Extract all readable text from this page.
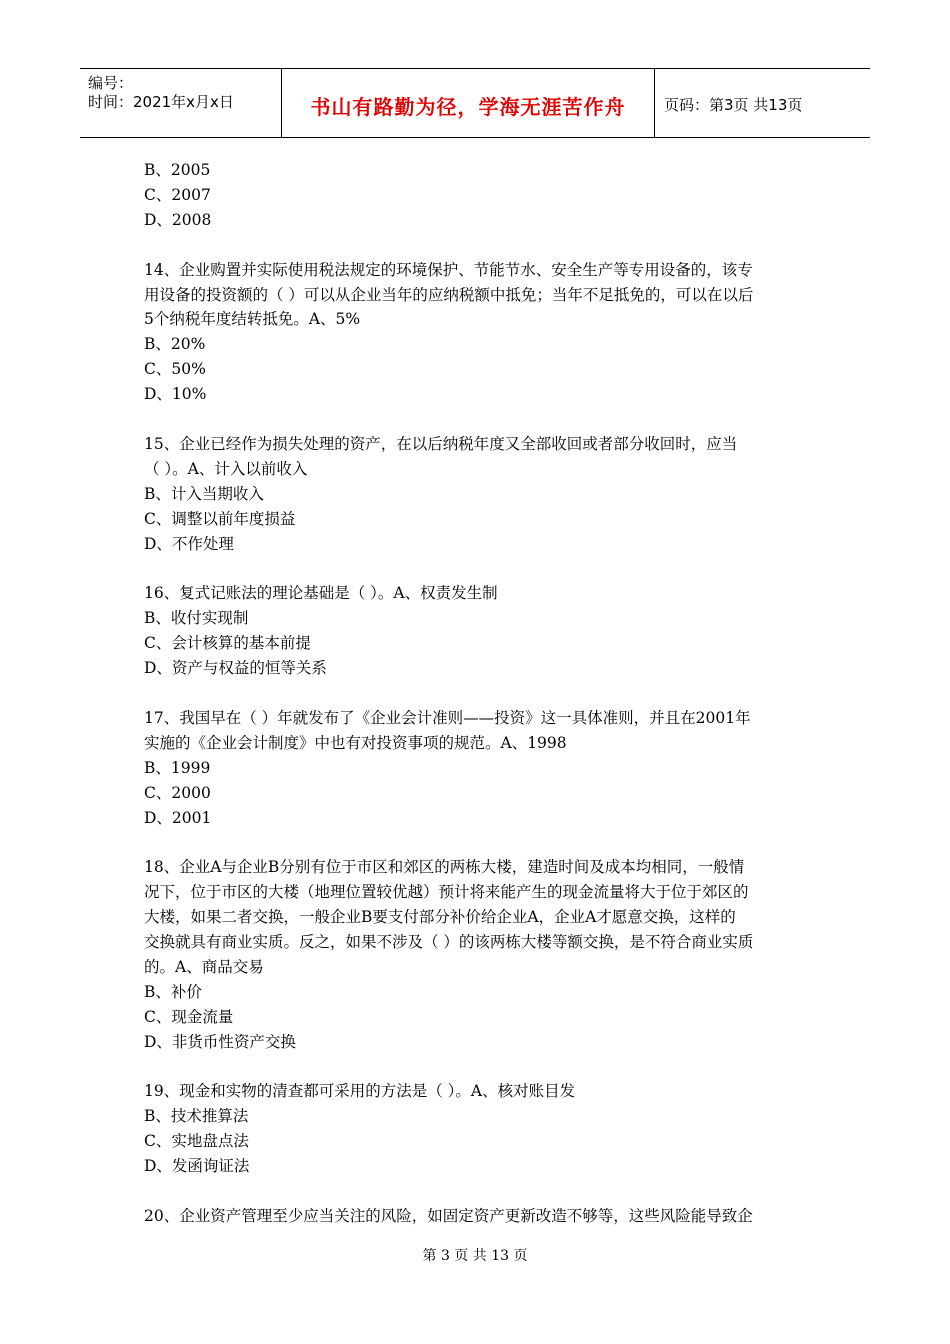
编号：
时间：2021年x月x日	书山有路勤为径，学海无涯苦作舟	页码：第3页 共13页

B、2005

C、2007

D、2008

14、企业购置并实际使用税法规定的环境保护、节能节水、安全生产等专用设备的，该专

用设备的投资额的（ ）可以从企业当年的应纳税额中抵免；当年不足抵免的，可以在以后

5个纳税年度结转抵免。A、5%

B、20%

C、50%

D、10%

15、企业已经作为损失处理的资产，在以后纳税年度又全部收回或者部分收回时，应当

（ ）。A、计入以前收入

B、计入当期收入

C、调整以前年度损益

D、不作处理

16、复式记账法的理论基础是（ ）。A、权责发生制

B、收付实现制

C、会计核算的基本前提

D、资产与权益的恒等关系

17、我国早在（ ）年就发布了《企业会计准则——投资》这一具体准则，并且在2001年

实施的《企业会计制度》中也有对投资事项的规范。A、1998

B、1999

C、2000

D、2001

18、企业A与企业B分别有位于市区和郊区的两栋大楼，建造时间及成本均相同，一般情

况下，位于市区的大楼（地理位置较优越）预计将来能产生的现金流量将大于位于郊区的

大楼，如果二者交换，一般企业B要支付部分补价给企业A，企业A才愿意交换，这样的

交换就具有商业实质。反之，如果不涉及（ ）的该两栋大楼等额交换，是不符合商业实质

的。A、商品交易

B、补价

C、现金流量

D、非货币性资产交换

19、现金和实物的清查都可采用的方法是（ ）。A、核对账目发

B、技术推算法

C、实地盘点法

D、发函询证法

20、企业资产管理至少应当关注的风险，如固定资产更新改造不够等，这些风险能导致企

第 3 页 共 13 页
